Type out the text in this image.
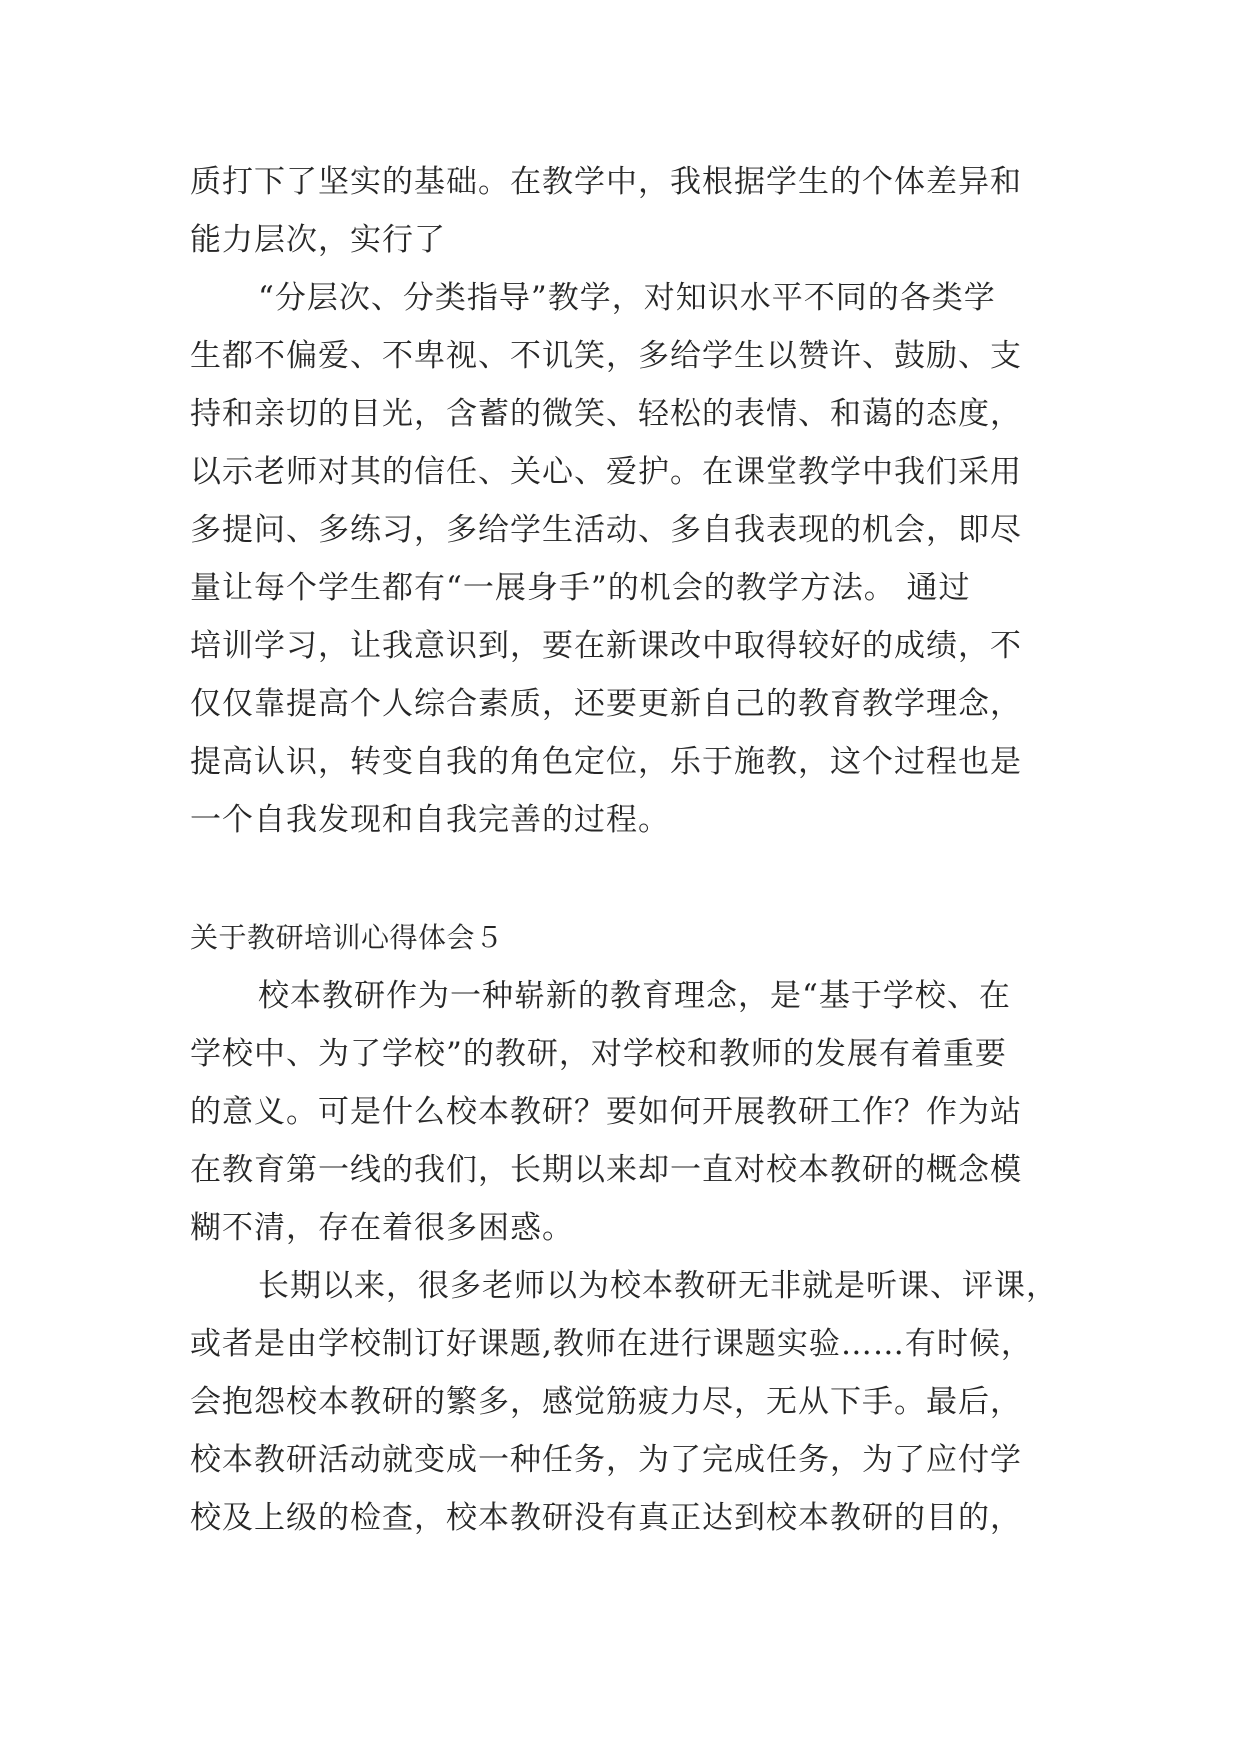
质打下了坚实的基础。在教学中，我根据学生的个体差异和
能力层次，实行了
“分层次、分类指导”教学，对知识水平不同的各类学
生都不偏爱、不卑视、不讥笑，多给学生以赞许、鼓励、支
持和亲切的目光，含蓄的微笑、轻松的表情、和蔼的态度，
以示老师对其的信任、关心、爱护。在课堂教学中我们采用
多提问、多练习，多给学生活动、多自我表现的机会，即尽
量让每个学生都有“一展身手”的机会的教学方法。 通过
培训学习，让我意识到，要在新课改中取得较好的成绩，不
仅仅靠提高个人综合素质，还要更新自己的教育教学理念，
提高认识，转变自我的角色定位，乐于施教，这个过程也是
一个自我发现和自我完善的过程。
关于教研培训心得体会５
校本教研作为一种崭新的教育理念，是“基于学校、在
学校中、为了学校”的教研，对学校和教师的发展有着重要
的意义。可是什么校本教研？要如何开展教研工作？作为站
在教育第一线的我们，长期以来却一直对校本教研的概念模
糊不清，存在着很多困惑。
长期以来，很多老师以为校本教研无非就是听课、评课，
或者是由学校制订好课题,教师在进行课题实验……有时候，
会抱怨校本教研的繁多，感觉筋疲力尽，无从下手。最后，
校本教研活动就变成一种任务，为了完成任务，为了应付学
校及上级的检查，校本教研没有真正达到校本教研的目的，
